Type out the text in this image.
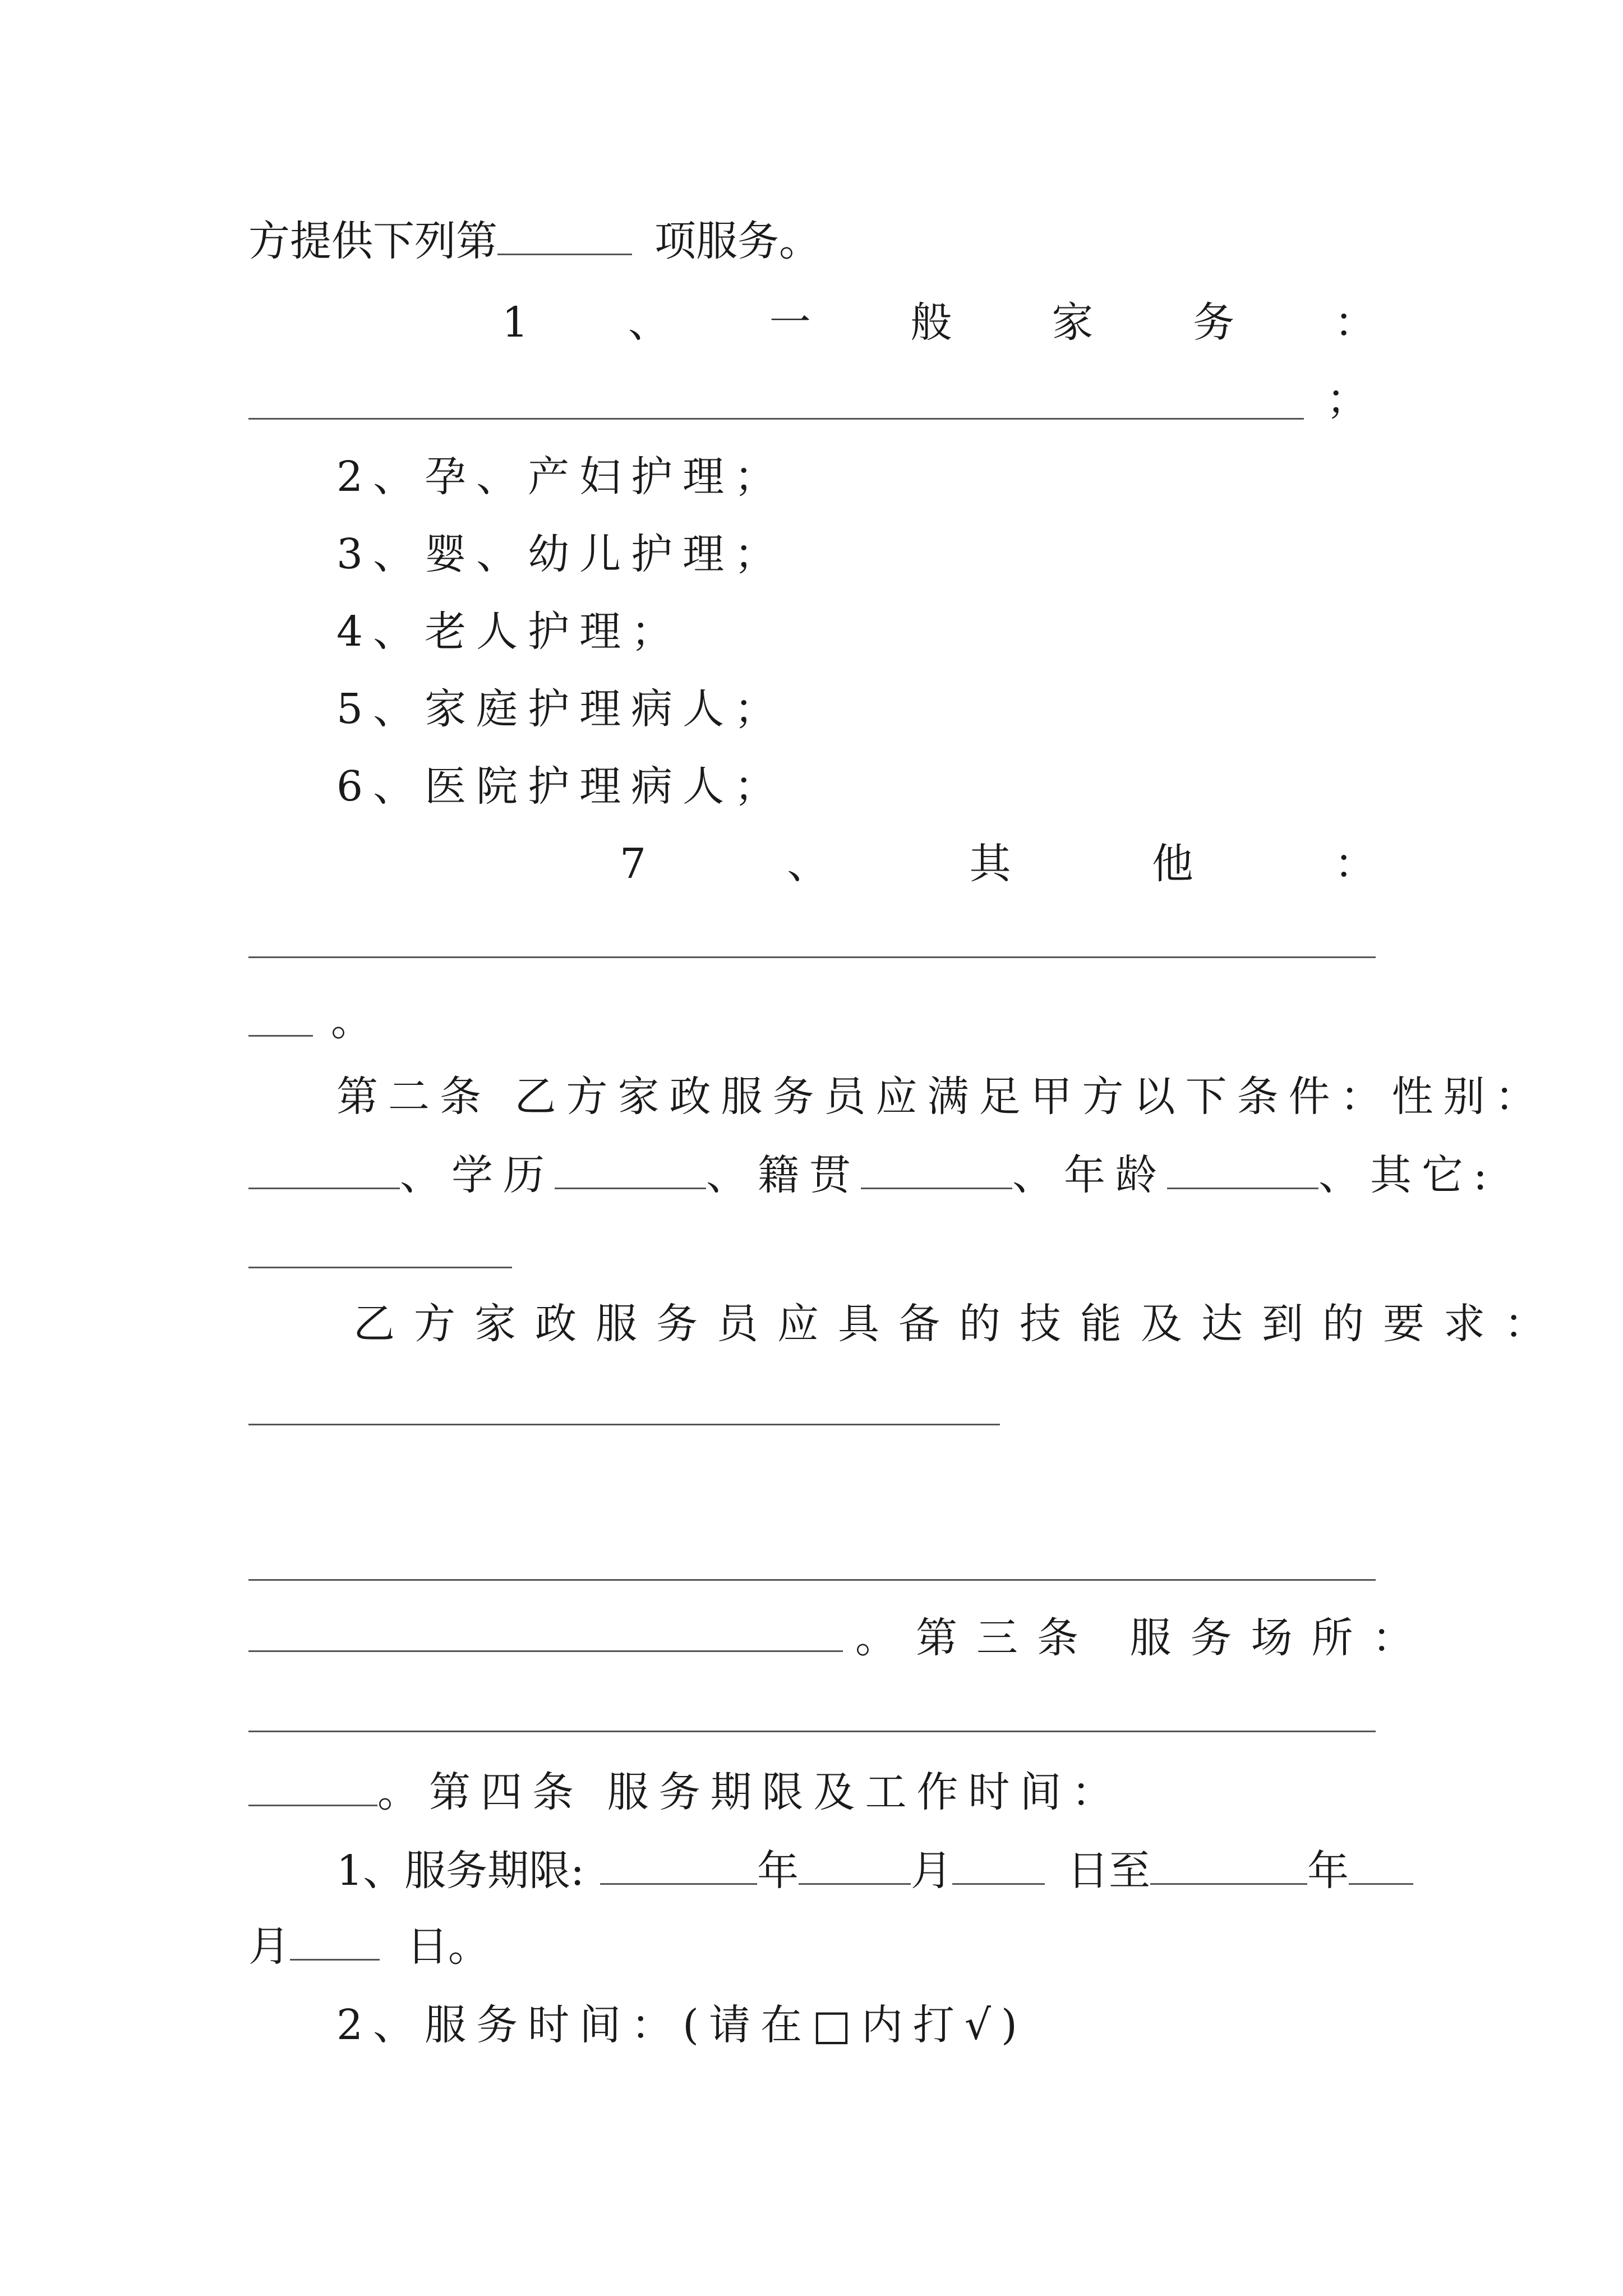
方提供下列第	项服务。
1 、 一 般 家 务 ：
；
2、孕、产妇护理；
3、婴、幼儿护理；
4、老人护理；
5、家庭护理病人；
6、医院护理病人；
7	、	其	他	：
。
第二条 乙方家政服务员应满足甲方以下条件：性别：
、学历	、籍贯	、年龄	、其它:
乙方家政服务员应具备的技能及达到的要求：
。第三条 服务场所：
。第四条 服务期限及工作时间：
1、服务期限:	年	月	日至	年
月	日。
2、服务时间：(请在□内打√)
